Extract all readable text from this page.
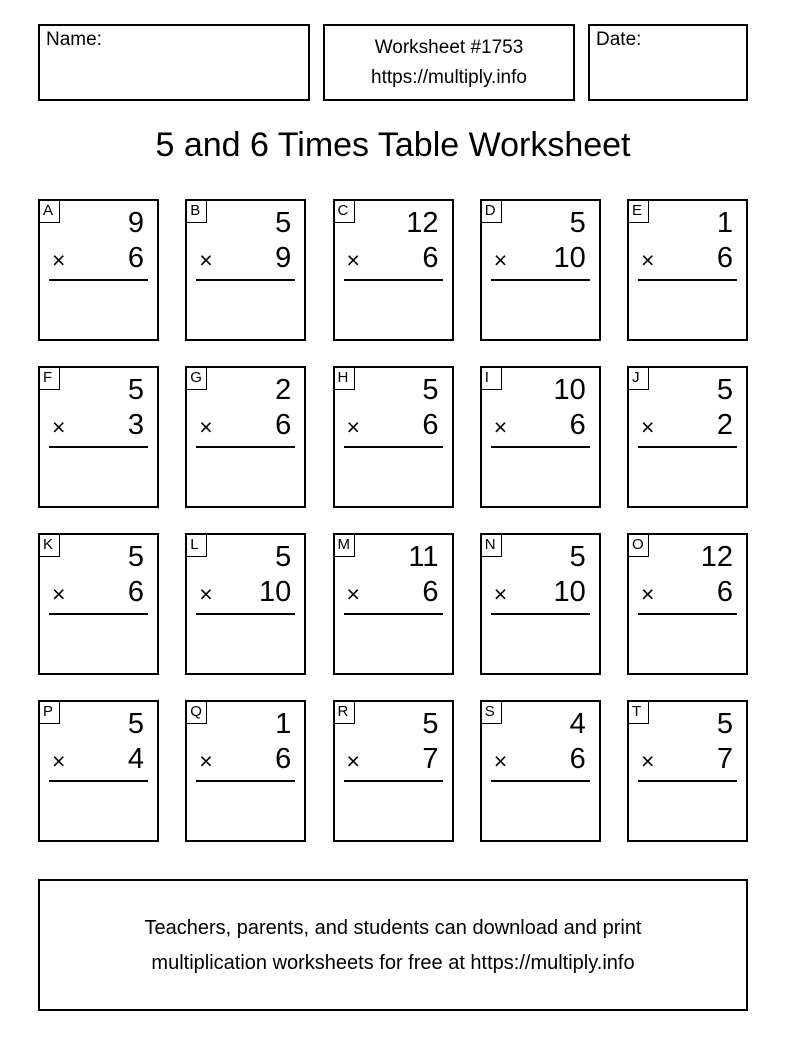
Name:	Worksheet #1753
https://multiply.info
Date:
5 and 6 Times Table Worksheet
A	9
× 6
B	5
× 9
C 12
× 6
D	5
× 10
E	1
× 6
F	5
× 3
G	2
× 6
H	5
× 6
I	10
× 6
J	5
× 2
K	5
× 6
L	5
× 10
M 11
× 6
N	5
× 10
O 12
× 6
P	5
× 4
Q	1
× 6
R	5
× 7
S	4
× 6
T	5
× 7
Teachers, parents, and students can download and print
multiplication worksheets for free at https://multiply.info
